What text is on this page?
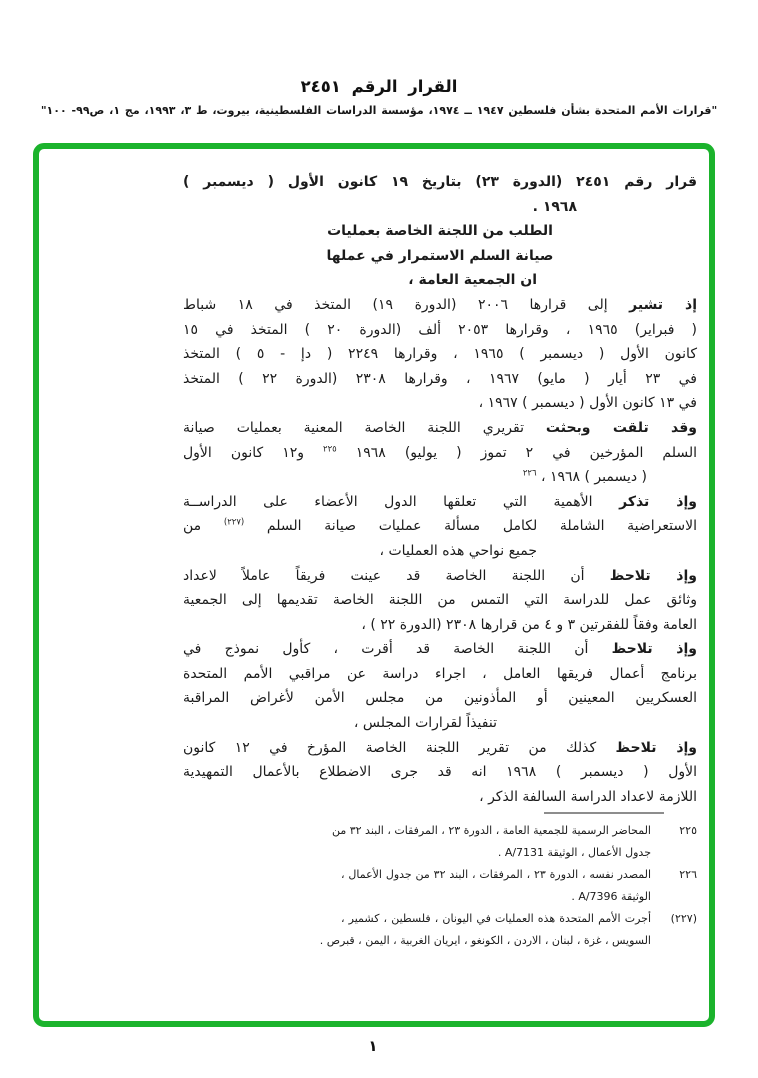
القرار الرقم ٢٤٥١
"قرارات الأمم المتحدة بشأن فلسطين ١٩٤٧ ــ ١٩٧٤، مؤسسة الدراسات الفلسطينية، بيروت، ط ٣، ١٩٩٣، مج ١، ص٩٩- ١٠٠"
قرار رقم ٢٤٥١ (الدورة ٢٣) بتاريخ ١٩ كانون الأول ( ديسمبر )
١٩٦٨ .
الطلب من اللجنة الخاصة بعمليات
صيانة السلم الاستمرار في عملها
ان الجمعية العامة ،
إذ تشير إلى قرارها ٢٠٠٦ (الدورة ١٩) المتخذ في ١٨ شباط
( فبراير) ١٩٦٥ ، وقرارها ٢٠٥٣ ألف (الدورة ٢٠ ) المتخذ في ١٥
كانون الأول ( ديسمبر ) ١٩٦٥ ، وقرارها ٢٢٤٩ ( دإ - ٥ ) المتخذ
في ٢٣ أيار ( مايو) ١٩٦٧ ، وقرارها ٢٣٠٨ (الدورة ٢٢ ) المتخذ
في ١٣ كانون الأول ( ديسمبر ) ١٩٦٧ ،
وقد تلقت وبحثت تقريري اللجنة الخاصة المعنية بعمليات صيانة
السلم المؤرخين في ٢ تموز ( يوليو) ١٩٦٨ $^{٢٢٥}$ و١٢ كانون الأول
( ديسمبر ) ١٩٦٨ ، $^{٢٢٦}$
وإذ تذكر الأهمية التي تعلقها الدول الأعضاء على الدراســة
الاستعراضية الشاملة لكامل مسألة عمليات صيانة السلم $^{(٢٢٧)}$ من
جميع نواحي هذه العمليات ،
وإذ تلاحظ أن اللجنة الخاصة قد عينت فريقاً عاملاً لاعداد
وثائق عمل للدراسة التي التمس من اللجنة الخاصة تقديمها إلى الجمعية
العامة وفقاً للفقرتين ٣ و ٤ من قرارها ٢٣٠٨ (الدورة ٢٢ ) ،
وإذ تلاحظ أن اللجنة الخاصة قد أقرت ، كأول نموذج في
برنامج أعمال فريقها العامل ، اجراء دراسة عن مراقبي الأمم المتحدة
العسكريين المعينين أو المأذونين من مجلس الأمن لأغراض المراقبة
تنفيذاً لقرارات المجلس ،
وإذ تلاحظ كذلك من تقرير اللجنة الخاصة المؤرخ في ١٢ كانون
الأول ( ديسمبر ) ١٩٦٨ انه قد جرى الاضطلاع بالأعمال التمهيدية
اللازمة لاعداد الدراسة السالفة الذكر ،
٢٢٥
المحاضر الرسمية للجمعية العامة ، الدورة ٢٣ ، المرفقات ، البند ٣٢ من
جدول الأعمال ، الوثيقة A/7131 .
٢٢٦
المصدر نفسه ، الدورة ٢٣ ، المرفقات ، البند ٣٢ من جدول الأعمال ،
الوثيقة A/7396 .
(٢٢٧)
أجرت الأمم المتحدة هذه العمليات في اليونان ، فلسطين ، كشمير ،
السويس ، غزة ، لبنان ، الاردن ، الكونغو ، ايريان الغربية ، اليمن ، قبرص .
١
